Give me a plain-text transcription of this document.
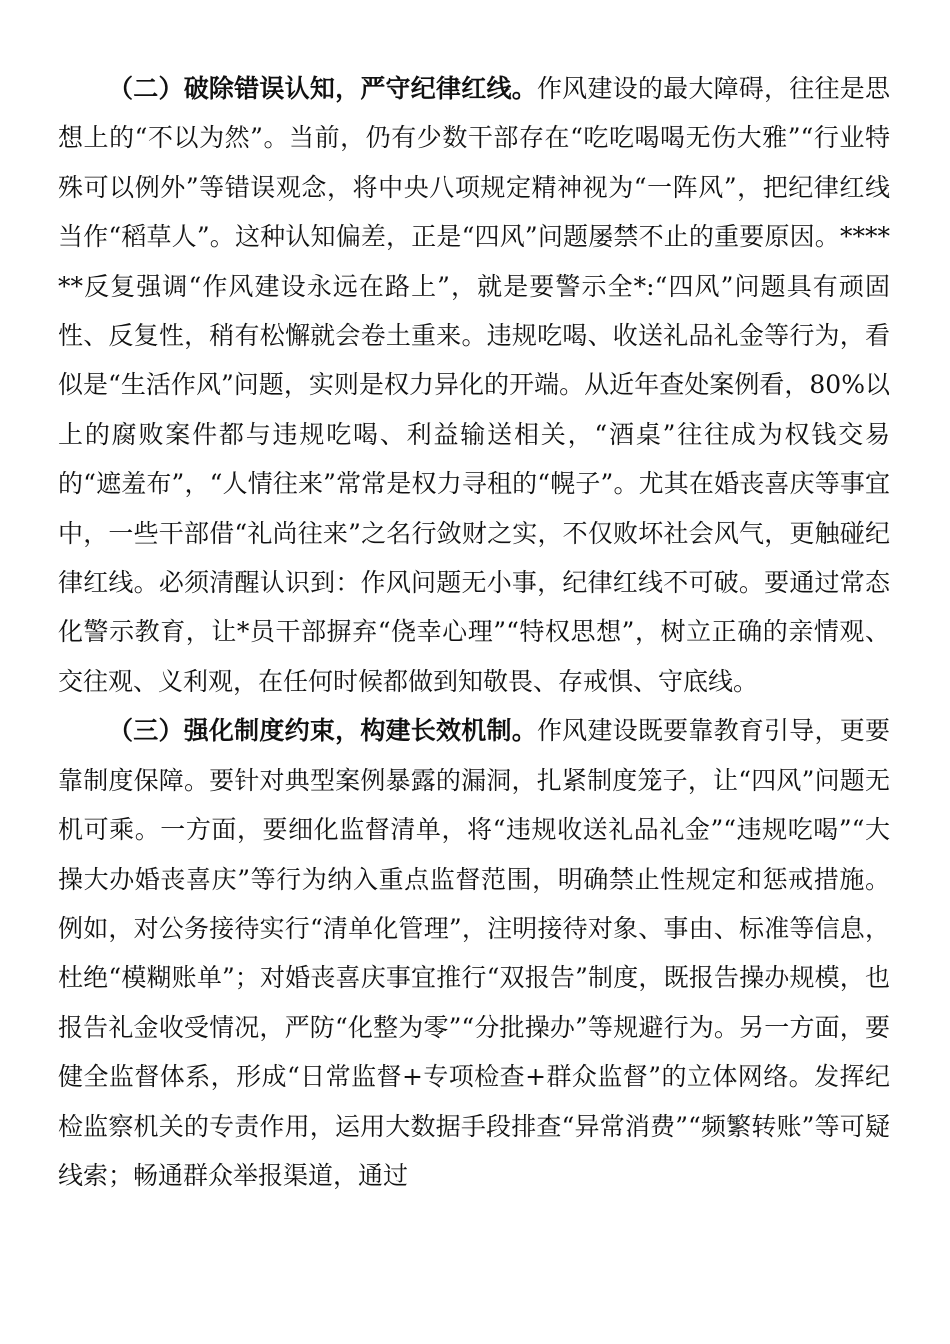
（二）破除错误认知，严守纪律红线。作风建设的最大障碍，往往是思想上的“不以为然”。当前，仍有少数干部存在“吃吃喝喝无伤大雅”“行业特殊可以例外”等错误观念，将中央八项规定精神视为“一阵风”，把纪律红线当作“稻草人”。这种认知偏差，正是“四风”问题屡禁不止的重要原因。******反复强调“作风建设永远在路上”，就是要警示全*:“四风”问题具有顽固性、反复性，稍有松懈就会卷土重来。违规吃喝、收送礼品礼金等行为，看似是“生活作风”问题，实则是权力异化的开端。从近年查处案例看，80%以上的腐败案件都与违规吃喝、利益输送相关，“酒桌”往往成为权钱交易的“遮羞布”，“人情往来”常常是权力寻租的“幌子”。尤其在婚丧喜庆等事宜中，一些干部借“礼尚往来”之名行敛财之实，不仅败坏社会风气，更触碰纪律红线。必须清醒认识到：作风问题无小事，纪律红线不可破。要通过常态化警示教育，让*员干部摒弃“侥幸心理”“特权思想”，树立正确的亲情观、交往观、义利观，在任何时候都做到知敬畏、存戒惧、守底线。

（三）强化制度约束，构建长效机制。作风建设既要靠教育引导，更要靠制度保障。要针对典型案例暴露的漏洞，扎紧制度笼子，让“四风”问题无机可乘。一方面，要细化监督清单，将“违规收送礼品礼金”“违规吃喝”“大操大办婚丧喜庆”等行为纳入重点监督范围，明确禁止性规定和惩戒措施。例如，对公务接待实行“清单化管理”，注明接待对象、事由、标准等信息，杜绝“模糊账单”；对婚丧喜庆事宜推行“双报告”制度，既报告操办规模，也报告礼金收受情况，严防“化整为零”“分批操办”等规避行为。另一方面，要健全监督体系，形成“日常监督+专项检查+群众监督”的立体网络。发挥纪检监察机关的专责作用，运用大数据手段排查“异常消费”“频繁转账”等可疑线索；畅通群众举报渠道，通过
